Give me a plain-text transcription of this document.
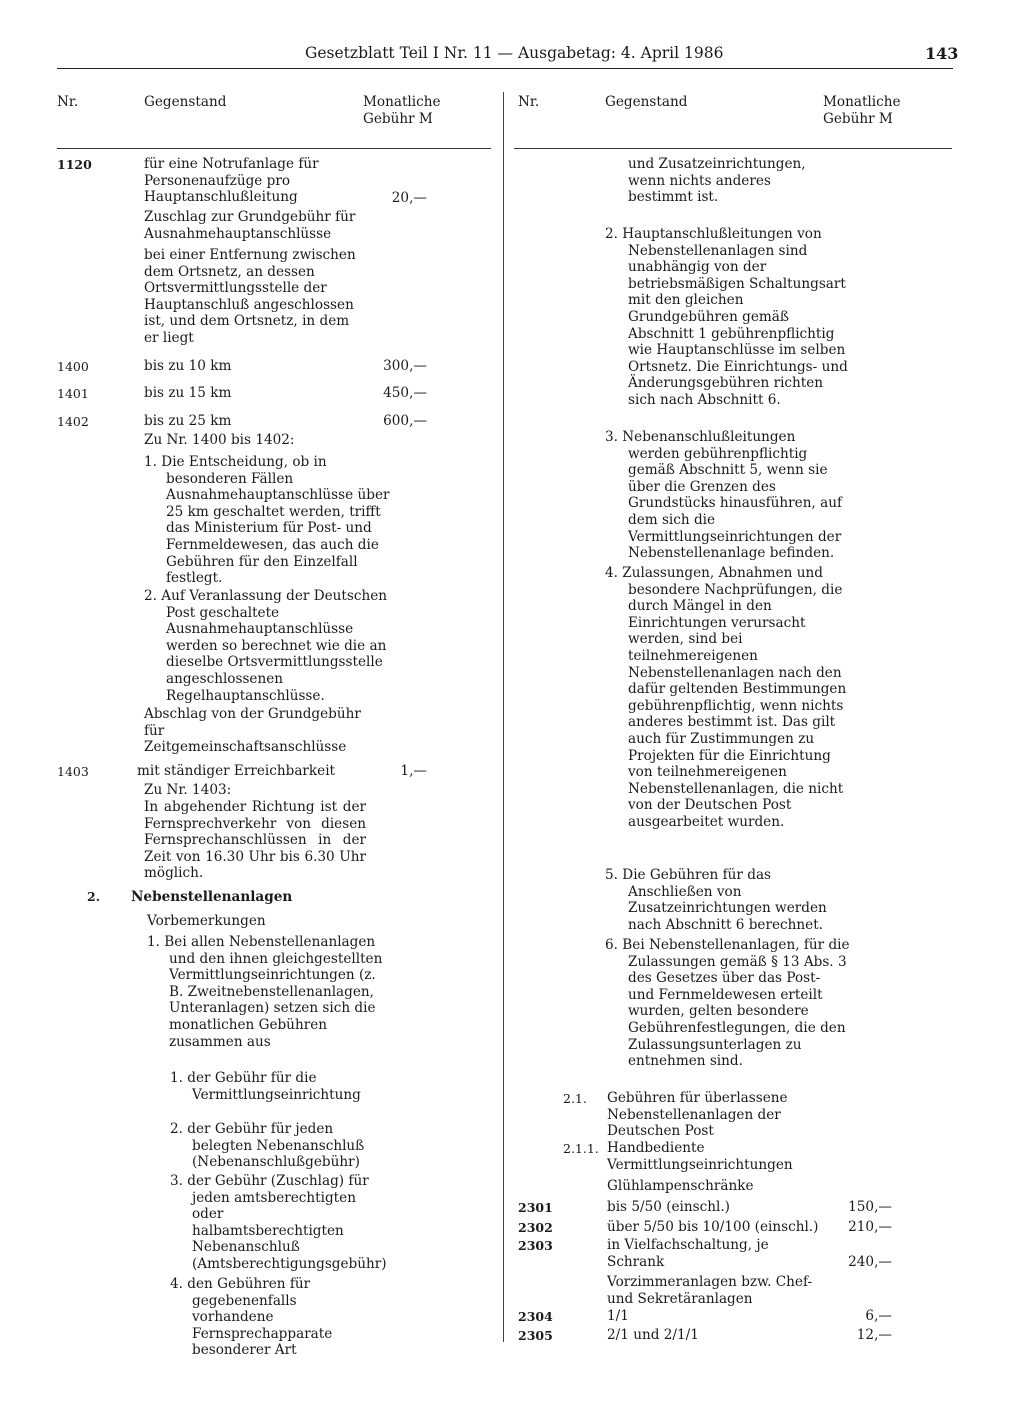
Gesetzblatt Teil I Nr. 11 — Ausgabetag: 4. April 1986	143
Nr.	Gegenstand	Monatliche Gebühr M
1120	für eine Notrufanlage für Personenaufzüge pro Hauptanschlußleitung	20,—
Zuschlag zur Grundgebühr für Ausnahmehauptanschlüsse
bei einer Entfernung zwischen dem Ortsnetz, an dessen Ortsvermittlungsstelle der Hauptanschluß angeschlossen ist, und dem Ortsnetz, in dem er liegt
1400	bis zu 10 km	300,—
1401	bis zu 15 km	450,—
1402	bis zu 25 km	600,—
Zu Nr. 1400 bis 1402:
1. Die Entscheidung, ob in besonderen Fällen Ausnahmehauptanschlüsse über 25 km geschaltet werden, trifft das Ministerium für Post- und Fernmeldewesen, das auch die Gebühren für den Einzelfall festlegt.
2. Auf Veranlassung der Deutschen Post geschaltete Ausnahmehauptanschlüsse werden so berechnet wie die an dieselbe Ortsvermittlungsstelle angeschlossenen Regelhauptanschlüsse.
Abschlag von der Grundgebühr für Zeitgemeinschaftsanschlüsse
1403	mit ständiger Erreichbarkeit	1,—
Zu Nr. 1403:
In abgehender Richtung ist der Fernsprechverkehr von diesen Fernsprechanschlüssen in der Zeit von 16.30 Uhr bis 6.30 Uhr möglich.
2. Nebenstellenanlagen
Vorbemerkungen
1. Bei allen Nebenstellenanlagen und den ihnen gleichgestellten Vermittlungseinrichtungen (z. B. Zweitnebenstellenanlagen, Unteranlagen) setzen sich die monatlichen Gebühren zusammen aus
1. der Gebühr für die Vermittlungseinrichtung
2. der Gebühr für jeden belegten Nebenanschluß (Nebenanschlußgebühr)
3. der Gebühr (Zuschlag) für jeden amtsberechtigten oder halbamtsberechtigten Nebenanschluß (Amtsberechtigungsgebühr)
4. den Gebühren für gegebenenfalls vorhandene Fernsprechapparate besonderer Art
Nr.	Gegenstand	Monatliche Gebühr M
und Zusatzeinrichtungen, wenn nichts anderes bestimmt ist.
2. Hauptanschlußleitungen von Nebenstellenanlagen sind unabhängig von der betriebsmäßigen Schaltungsart mit den gleichen Grundgebühren gemäß Abschnitt 1 gebührenpflichtig wie Hauptanschlüsse im selben Ortsnetz. Die Einrichtungs- und Änderungsgebühren richten sich nach Abschnitt 6.
3. Nebenanschlußleitungen werden gebührenpflichtig gemäß Abschnitt 5, wenn sie über die Grenzen des Grundstücks hinausführen, auf dem sich die Vermittlungseinrichtungen der Nebenstellenanlage befinden.
4. Zulassungen, Abnahmen und besondere Nachprüfungen, die durch Mängel in den Einrichtungen verursacht werden, sind bei teilnehmereigenen Nebenstellenanlagen nach den dafür geltenden Bestimmungen gebührenpflichtig, wenn nichts anderes bestimmt ist. Das gilt auch für Zustimmungen zu Projekten für die Einrichtung von teilnehmereigenen Nebenstellenanlagen, die nicht von der Deutschen Post ausgearbeitet wurden.
5. Die Gebühren für das Anschließen von Zusatzeinrichtungen werden nach Abschnitt 6 berechnet.
6. Bei Nebenstellenanlagen, für die Zulassungen gemäß § 13 Abs. 3 des Gesetzes über das Post- und Fernmeldewesen erteilt wurden, gelten besondere Gebührenfestlegungen, die den Zulassungsunterlagen zu entnehmen sind.
2.1. Gebühren für überlassene Nebenstellenanlagen der Deutschen Post
2.1.1. Handbediente Vermittlungseinrichtungen
Glühlampenschränke
2301	bis 5/50 (einschl.)	150,—
2302	über 5/50 bis 10/100 (einschl.)	210,—
2303	in Vielfachschaltung, je Schrank	240,—
Vorzimmeranlagen bzw. Chef- und Sekretäranlagen
2304	1/1	6,—
2305	2/1 und 2/1/1	12,—
